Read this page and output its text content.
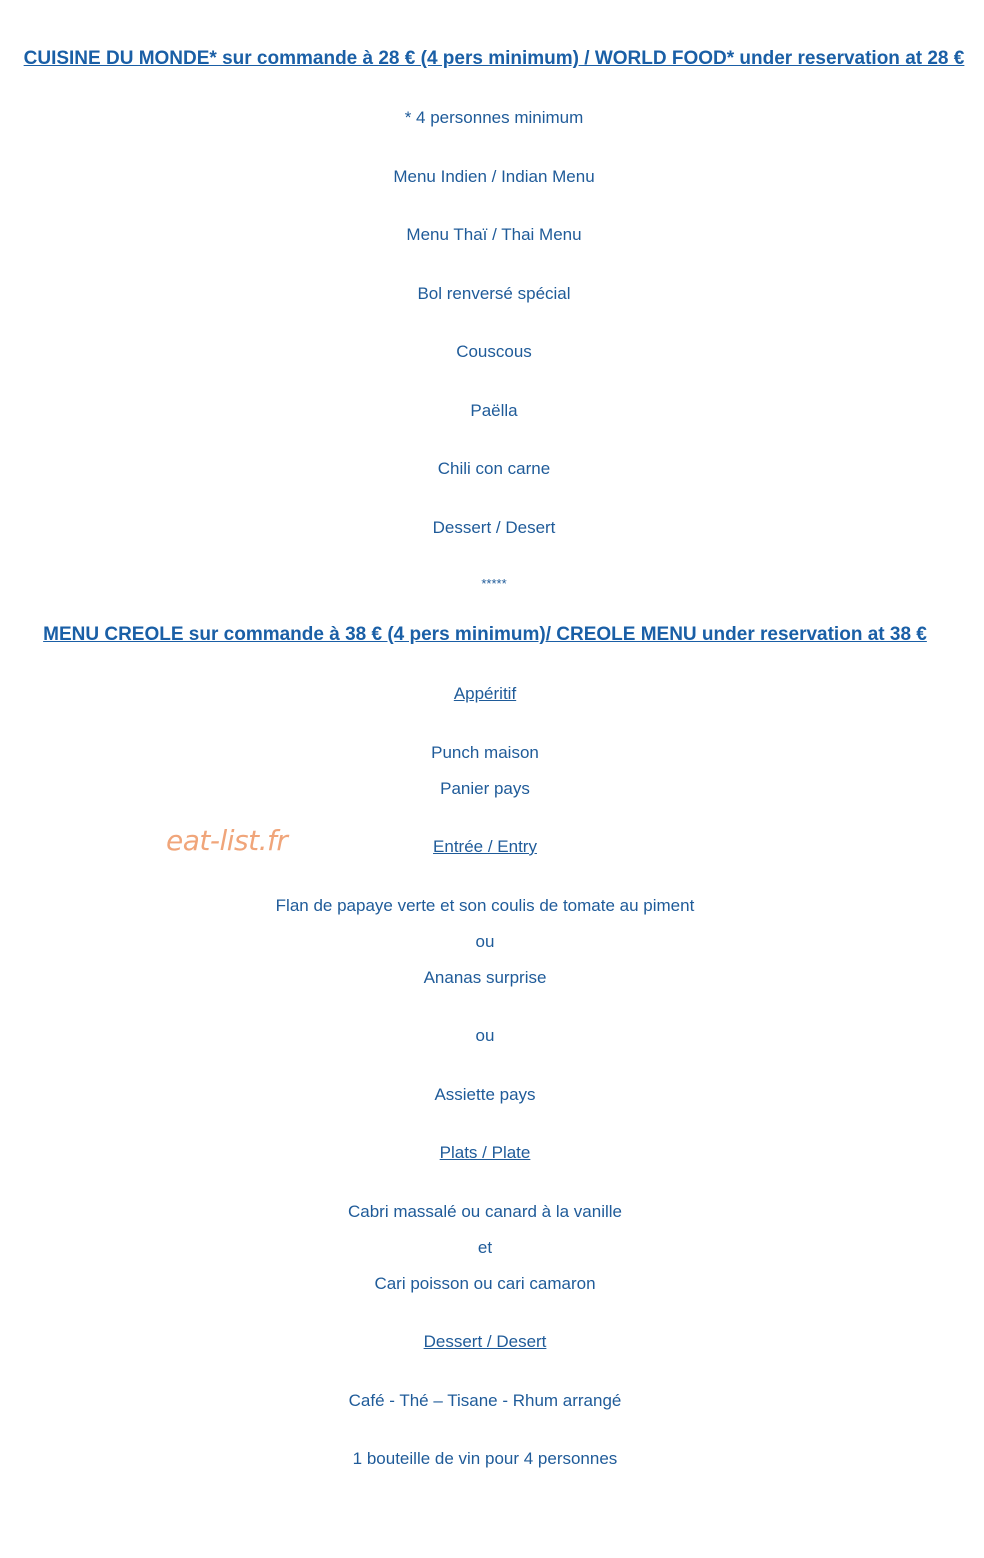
CUISINE DU MONDE* sur commande à 28 € (4 pers minimum) / WORLD FOOD* under reservation at 28 €
* 4 personnes minimum
Menu Indien / Indian Menu
Menu Thaï / Thai Menu
Bol renversé spécial
Couscous
Paëlla
Chili con carne
Dessert / Desert
*****
MENU CREOLE sur commande à 38 € (4 pers minimum)/ CREOLE MENU under reservation at 38 €
Appéritif
Punch maison
Panier pays
eat-list.fr	Entrée / Entry
Flan de papaye verte et son coulis de tomate au piment
ou
Ananas surprise
ou
Assiette pays
Plats / Plate
Cabri massalé ou canard à la vanille
et
Cari poisson ou cari camaron
Dessert / Desert
Café - Thé – Tisane - Rhum arrangé
1 bouteille de vin pour 4 personnes
